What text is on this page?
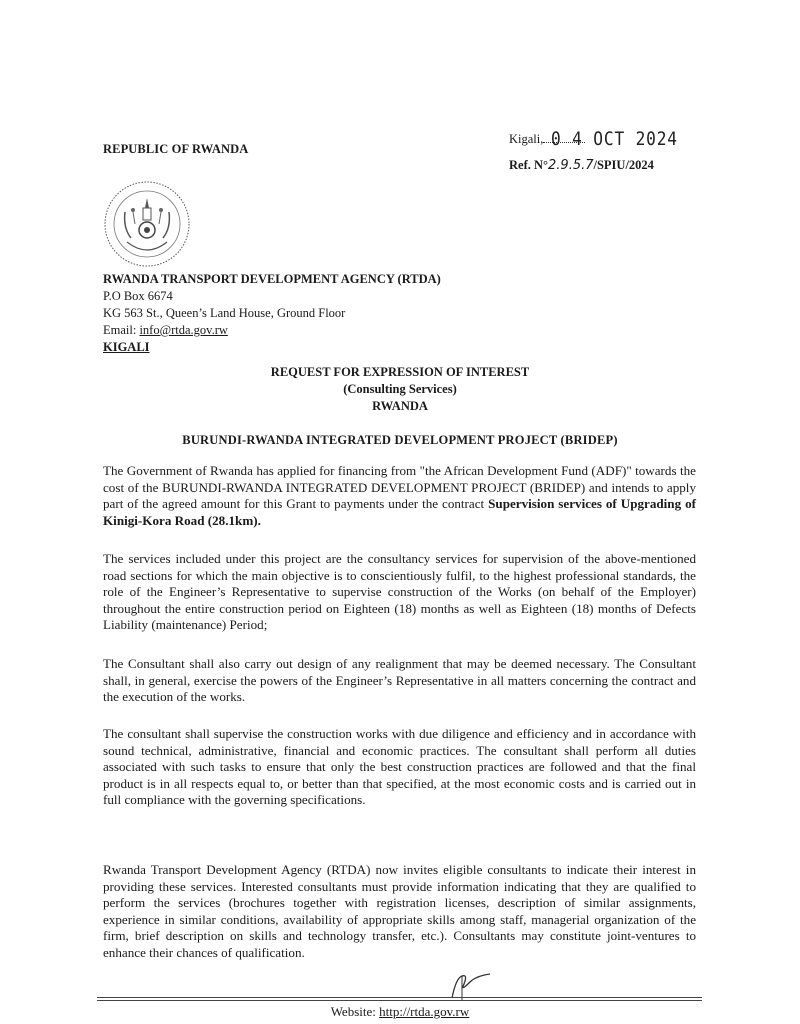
REPUBLIC OF RWANDA
Kigali, 0 4 OCT 2024
Ref. N°2.9.5.7/SPIU/2024
RWANDA TRANSPORT DEVELOPMENT AGENCY (RTDA)
P.O Box 6674
KG 563 St., Queen’s Land House, Ground Floor
Email: info@rtda.gov.rw
KIGALI
REQUEST FOR EXPRESSION OF INTEREST
(Consulting Services)
RWANDA
BURUNDI-RWANDA INTEGRATED DEVELOPMENT PROJECT (BRIDEP)

The Government of Rwanda has applied for financing from "the African Development Fund (ADF)" towards the cost of the BURUNDI-RWANDA INTEGRATED DEVELOPMENT PROJECT (BRIDEP) and intends to apply part of the agreed amount for this Grant to payments under the contract Supervision services of Upgrading of Kinigi-Kora Road (28.1km).

The services included under this project are the consultancy services for supervision of the above-mentioned road sections for which the main objective is to conscientiously fulfil, to the highest professional standards, the role of the Engineer’s Representative to supervise construction of the Works (on behalf of the Employer) throughout the entire construction period on Eighteen (18) months as well as Eighteen (18) months of Defects Liability (maintenance) Period;

The Consultant shall also carry out design of any realignment that may be deemed necessary. The Consultant shall, in general, exercise the powers of the Engineer’s Representative in all matters concerning the contract and the execution of the works.

The consultant shall supervise the construction works with due diligence and efficiency and in accordance with sound technical, administrative, financial and economic practices. The consultant shall perform all duties associated with such tasks to ensure that only the best construction practices are followed and that the final product is in all respects equal to, or better than that specified, at the most economic costs and is carried out in full compliance with the governing specifications.

Rwanda Transport Development Agency (RTDA) now invites eligible consultants to indicate their interest in providing these services. Interested consultants must provide information indicating that they are qualified to perform the services (brochures together with registration licenses, description of similar assignments, experience in similar conditions, availability of appropriate skills among staff, managerial organization of the firm, brief description on skills and technology transfer, etc.). Consultants may constitute joint-ventures to enhance their chances of qualification.

Website: http://rtda.gov.rw
